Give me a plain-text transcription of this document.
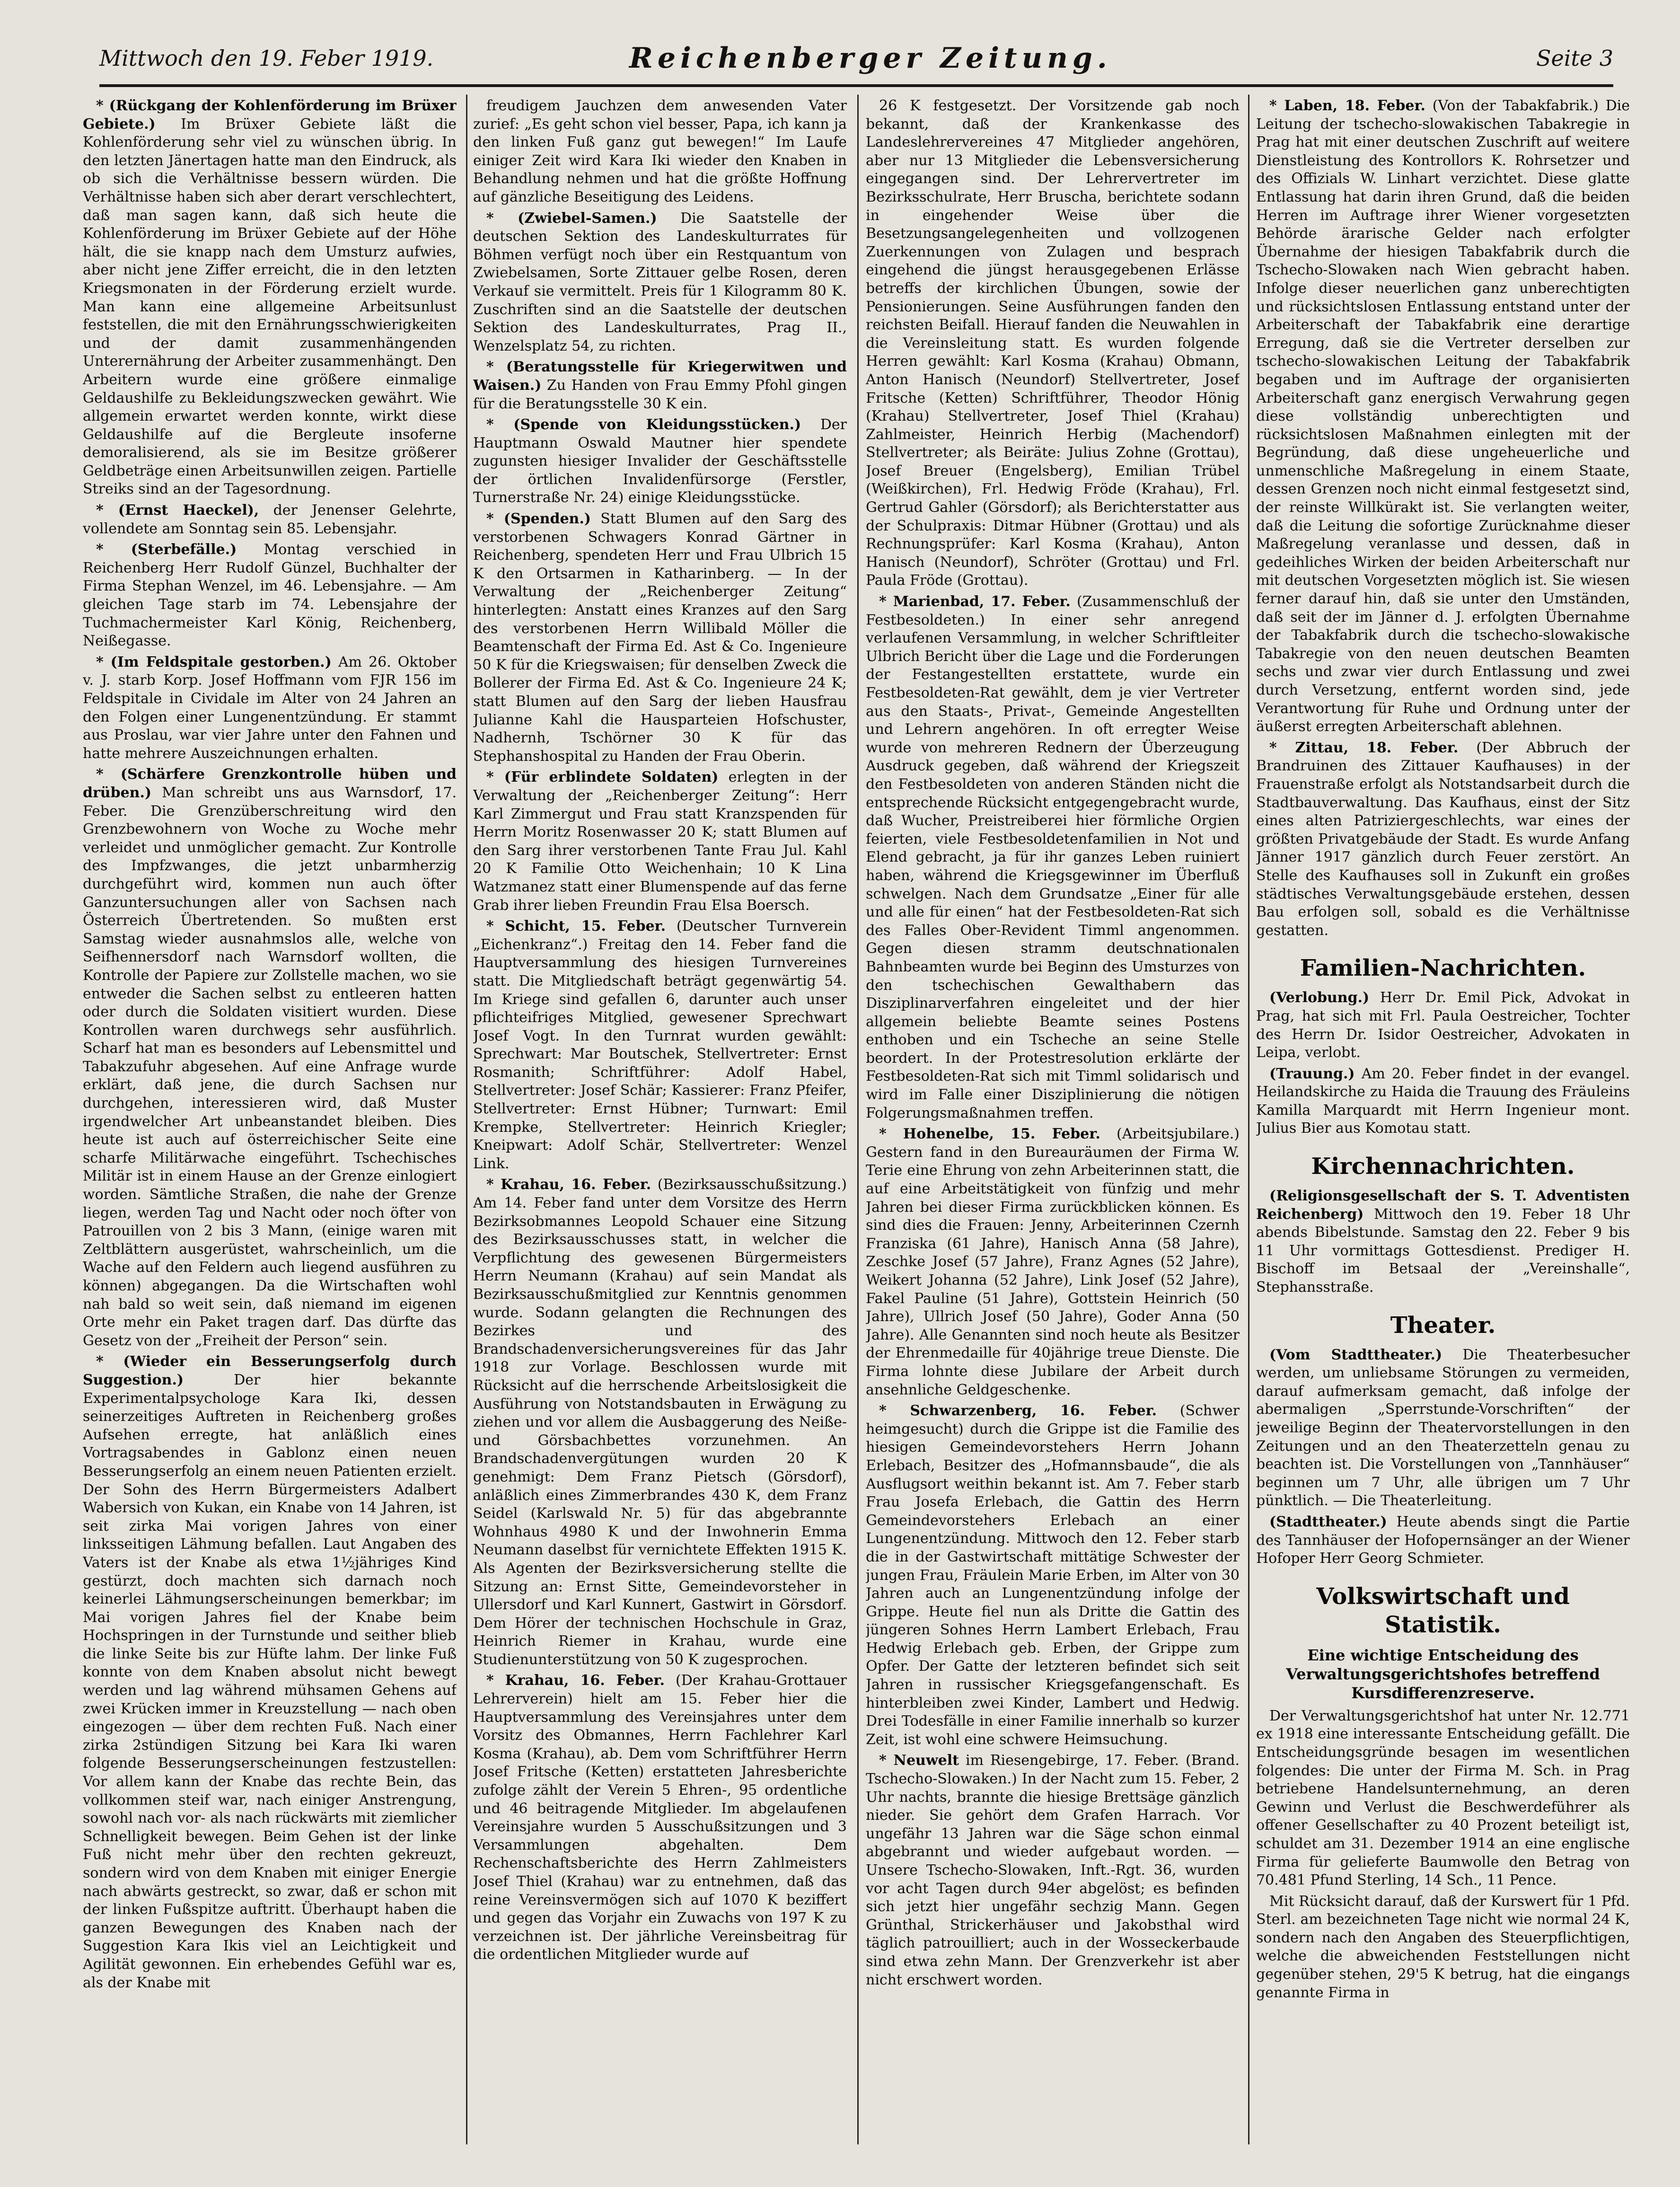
Mittwoch den 19. Feber 1919.	Reichenberger Zeitung.	Seite 3

* (Rückgang der Kohlenförderung im Brüxer Gebiete.) Im Brüxer Gebiete läßt die Kohlenförderung sehr viel zu wünschen übrig. In den letzten Jänertagen hatte man den Eindruck, als ob sich die Verhältnisse bessern würden. Die Verhältnisse haben sich aber derart verschlechtert, daß man sagen kann, daß sich heute die Kohlenförderung im Brüxer Gebiete auf der Höhe hält, die sie knapp nach dem Umsturz aufwies, aber nicht jene Ziffer erreicht, die in den letzten Kriegsmonaten in der Förderung erzielt wurde. Man kann eine allgemeine Arbeitsunlust feststellen, die mit den Ernährungsschwierigkeiten und der damit zusammenhängenden Unterernährung der Arbeiter zusammenhängt. Den Arbeitern wurde eine größere einmalige Geldaushilfe zu Bekleidungszwecken gewährt. Wie allgemein erwartet werden konnte, wirkt diese Geldaushilfe auf die Bergleute insoferne demoralisierend, als sie im Besitze größerer Geldbeträge einen Arbeitsunwillen zeigen. Partielle Streiks sind an der Tagesordnung.

* (Ernst Haeckel), der Jenenser Gelehrte, vollendete am Sonntag sein 85. Lebensjahr.

* (Sterbefälle.) Montag verschied in Reichenberg Herr Rudolf Günzel, Buchhalter der Firma Stephan Wenzel, im 46. Lebensjahre. — Am gleichen Tage starb im 74. Lebensjahre der Tuchmachermeister Karl König, Reichenberg, Neißegasse.

* (Im Feldspitale gestorben.) Am 26. Oktober v. J. starb Korp. Josef Hoffmann vom FJR 156 im Feldspitale in Cividale im Alter von 24 Jahren an den Folgen einer Lungenentzündung. Er stammt aus Proslau, war vier Jahre unter den Fahnen und hatte mehrere Auszeichnungen erhalten.

* (Schärfere Grenzkontrolle hüben und drüben.) Man schreibt uns aus Warnsdorf, 17. Feber. Die Grenzüberschreitung wird den Grenzbewohnern von Woche zu Woche mehr verleidet und unmöglicher gemacht. Zur Kontrolle des Impfzwanges, die jetzt unbarmherzig durchgeführt wird, kommen nun auch öfter Ganzuntersuchungen aller von Sachsen nach Österreich Übertretenden. So mußten erst Samstag wieder ausnahmslos alle, welche von Seifhennersdorf nach Warnsdorf wollten, die Kontrolle der Papiere zur Zollstelle machen, wo sie entweder die Sachen selbst zu entleeren hatten oder durch die Soldaten visitiert wurden. Diese Kontrollen waren durchwegs sehr ausführlich. Scharf hat man es besonders auf Lebensmittel und Tabakzufuhr abgesehen. Auf eine Anfrage wurde erklärt, daß jene, die durch Sachsen nur durchgehen, interessieren wird, daß Muster irgendwelcher Art unbeanstandet bleiben. Dies heute ist auch auf österreichischer Seite eine scharfe Militärwache eingeführt. Tschechisches Militär ist in einem Hause an der Grenze einlogiert worden. Sämtliche Straßen, die nahe der Grenze liegen, werden Tag und Nacht oder noch öfter von Patrouillen von 2 bis 3 Mann, (einige waren mit Zeltblättern ausgerüstet, wahrscheinlich, um die Wache auf den Feldern auch liegend ausführen zu können) abgegangen. Da die Wirtschaften wohl nah bald so weit sein, daß niemand im eigenen Orte mehr ein Paket tragen darf. Das dürfte das Gesetz von der „Freiheit der Person“ sein.

* (Wieder ein Besserungserfolg durch Suggestion.)	Der hier bekannte Experimentalpsychologe Kara Iki, dessen seinerzeitiges Auftreten in Reichenberg großes Aufsehen erregte, hat anläßlich eines Vortragsabendes in Gablonz einen neuen Besserungserfolg an einem neuen Patienten erzielt. Der Sohn des Herrn Bürgermeisters Adalbert Wabersich von Kukan, ein Knabe von 14 Jahren, ist seit zirka Mai vorigen Jahres von einer linksseitigen Lähmung befallen. Laut Angaben des Vaters ist der Knabe als etwa 1½jähriges Kind gestürzt, doch machten sich darnach noch keinerlei Lähmungserscheinungen bemerkbar; im Mai vorigen Jahres fiel der Knabe beim Hochspringen in der Turnstunde und seither blieb die linke Seite bis zur Hüfte lahm. Der linke Fuß konnte von dem Knaben absolut nicht bewegt werden und lag während mühsamen Gehens auf zwei Krücken immer in Kreuzstellung — nach oben eingezogen — über dem rechten Fuß. Nach einer zirka 2stündigen Sitzung bei Kara Iki waren folgende Besserungserscheinungen festzustellen: Vor allem kann der Knabe das rechte Bein, das vollkommen steif war, nach einiger Anstrengung, sowohl nach vor- als nach rückwärts mit ziemlicher Schnelligkeit bewegen. Beim Gehen ist der linke Fuß nicht mehr über den rechten gekreuzt, sondern wird von dem Knaben mit einiger Energie nach abwärts gestreckt, so zwar, daß er schon mit der linken Fußspitze auftritt. Überhaupt haben die ganzen Bewegungen des Knaben nach der Suggestion Kara Ikis viel an Leichtigkeit und Agilität gewonnen. Ein erhebendes Gefühl war es, als der Knabe mit

freudigem Jauchzen dem anwesenden Vater zurief: „Es geht schon viel besser, Papa, ich kann ja den linken Fuß ganz gut bewegen!“ Im Laufe einiger Zeit wird Kara Iki wieder den Knaben in Behandlung nehmen und hat die größte Hoffnung auf gänzliche Beseitigung des Leidens.

* (Zwiebel-Samen.) Die Saatstelle der deutschen Sektion des Landeskulturrates für Böhmen verfügt noch über ein Restquantum von Zwiebelsamen, Sorte Zittauer gelbe Rosen, deren Verkauf sie vermittelt. Preis für 1 Kilogramm 80 K. Zuschriften sind an die Saatstelle der deutschen Sektion des Landeskulturrates, Prag II., Wenzelsplatz 54, zu richten.

* (Beratungsstelle für Kriegerwitwen und Waisen.) Zu Handen von Frau Emmy Pfohl gingen für die Beratungsstelle 30 K ein.

* (Spende von Kleidungsstücken.) Der Hauptmann Oswald Mautner hier spendete zugunsten hiesiger Invalider der Geschäftsstelle der örtlichen Invalidenfürsorge (Ferstler, Turnerstraße Nr. 24) einige Kleidungsstücke.

* (Spenden.) Statt Blumen auf den Sarg des verstorbenen Schwagers Konrad Gärtner in Reichenberg, spendeten Herr und Frau Ulbrich 15 K den Ortsarmen in Katharinberg. — In der Verwaltung der „Reichenberger Zeitung“ hinterlegten: Anstatt eines Kranzes auf den Sarg des verstorbenen Herrn Willibald Möller die Beamtenschaft der Firma Ed. Ast & Co. Ingenieure 50 K für die Kriegswaisen; für denselben Zweck die Bollerer der Firma Ed. Ast & Co. Ingenieure 24 K; statt Blumen auf den Sarg der lieben Hausfrau Julianne Kahl die Hausparteien Hofschuster, Nadhernh, Tschörner 30 K für das Stephanshospital zu Handen der Frau Oberin.

* (Für erblindete Soldaten) erlegten in der Verwaltung der „Reichenberger Zeitung“: Herr Karl Zimmergut und Frau statt Kranzspenden für Herrn Moritz Rosenwasser 20 K; statt Blumen auf den Sarg ihrer verstorbenen Tante Frau Jul. Kahl 20 K Familie Otto Weichenhain; 10 K Lina Watzmanez statt einer Blumenspende auf das ferne Grab ihrer lieben Freundin Frau Elsa Boersch.

* Schicht, 15. Feber. (Deutscher Turnverein „Eichenkranz“.) Freitag den 14. Feber fand die Hauptversammlung des hiesigen Turnvereines statt. Die Mitgliedschaft beträgt gegenwärtig 54. Im Kriege sind gefallen 6, darunter auch unser pflichteifriges Mitglied, gewesener Sprechwart Josef Vogt. In den Turnrat wurden gewählt: Sprechwart: Mar Boutschek, Stellvertreter: Ernst Rosmanith; Schriftführer: Adolf Habel, Stellvertreter: Josef Schär; Kassierer: Franz Pfeifer, Stellvertreter: Ernst Hübner; Turnwart: Emil Krempke, Stellvertreter: Heinrich Kriegler; Kneipwart: Adolf Schär, Stellvertreter: Wenzel Link.

* Krahau, 16. Feber. (Bezirksausschußsitzung.) Am 14. Feber fand unter dem Vorsitze des Herrn Bezirksobmannes Leopold Schauer eine Sitzung des Bezirksausschusses statt, in welcher die Verpflichtung des gewesenen Bürgermeisters Herrn Neumann (Krahau) auf sein Mandat als Bezirksausschußmitglied zur Kenntnis genommen wurde. Sodann gelangten die Rechnungen des Bezirkes und des Brandschadenversicherungsvereines für das Jahr 1918 zur Vorlage. Beschlossen wurde mit Rücksicht auf die herrschende Arbeitslosigkeit die Ausführung von Notstandsbauten in Erwägung zu ziehen und vor allem die Ausbaggerung des Neiße- und Görsbachbettes vorzunehmen. An Brandschadenvergütungen wurden 20 K genehmigt: Dem Franz Pietsch (Görsdorf), anläßlich eines Zimmerbrandes 430 K, dem Franz Seidel (Karlswald Nr. 5) für das abgebrannte Wohnhaus 4980 K und der Inwohnerin Emma Neumann daselbst für vernichtete Effekten 1915 K. Als Agenten der Bezirksversicherung stellte die Sitzung an: Ernst Sitte, Gemeindevorsteher in Ullersdorf und Karl Kunnert, Gastwirt in Görsdorf. Dem Hörer der technischen Hochschule in Graz, Heinrich Riemer in Krahau, wurde eine Studienunterstützung von 50 K zugesprochen.

* Krahau, 16. Feber. (Der Krahau-Grottauer Lehrerverein) hielt am 15. Feber hier die Hauptversammlung des Vereinsjahres unter dem Vorsitz des Obmannes, Herrn Fachlehrer Karl Kosma (Krahau), ab. Dem vom Schriftführer Herrn Josef Fritsche (Ketten) erstatteten Jahresberichte zufolge zählt der Verein 5 Ehren-, 95 ordentliche und 46 beitragende Mitglieder. Im abgelaufenen Vereinsjahre wurden 5 Ausschußsitzungen und 3 Versammlungen abgehalten. Dem Rechenschaftsberichte des Herrn Zahlmeisters Josef Thiel (Krahau) war zu entnehmen, daß das reine Vereinsvermögen sich auf 1070 K beziffert und gegen das Vorjahr ein Zuwachs von 197 K zu verzeichnen ist. Der jährliche Vereinsbeitrag für die ordentlichen Mitglieder wurde auf

26 K festgesetzt. Der Vorsitzende gab noch bekannt, daß der Krankenkasse des Landeslehrervereines 47 Mitglieder angehören, aber nur 13 Mitglieder die Lebensversicherung eingegangen sind. Der Lehrervertreter im Bezirksschulrate, Herr Bruscha, berichtete sodann in eingehender Weise über die Besetzungsangelegenheiten und vollzogenen Zuerkennungen von Zulagen und besprach eingehend die jüngst herausgegebenen Erlässe betreffs der kirchlichen Übungen, sowie der Pensionierungen. Seine Ausführungen fanden den reichsten Beifall. Hierauf fanden die Neuwahlen in die Vereinsleitung statt. Es wurden folgende Herren gewählt: Karl Kosma (Krahau) Obmann, Anton Hanisch (Neundorf) Stellvertreter, Josef Fritsche (Ketten) Schriftführer, Theodor Hönig (Krahau) Stellvertreter, Josef Thiel (Krahau) Zahlmeister, Heinrich Herbig (Machendorf) Stellvertreter; als Beiräte: Julius Zohne (Grottau), Josef Breuer (Engelsberg), Emilian Trübel (Weißkirchen), Frl. Hedwig Fröde (Krahau), Frl. Gertrud Gahler (Görsdorf); als Berichterstatter aus der Schulpraxis: Ditmar Hübner (Grottau) und als Rechnungsprüfer: Karl Kosma (Krahau), Anton Hanisch (Neundorf), Schröter (Grottau) und Frl. Paula Fröde (Grottau).

* Marienbad, 17. Feber. (Zusammenschluß der Festbesoldeten.) In einer sehr anregend verlaufenen Versammlung, in welcher Schriftleiter Ulbrich Bericht über die Lage und die Forderungen der Festangestellten erstattete, wurde ein Festbesoldeten-Rat gewählt, dem je vier Vertreter aus den Staats-, Privat-, Gemeinde Angestellten und Lehrern angehören. In oft erregter Weise wurde von mehreren Rednern der Überzeugung Ausdruck gegeben, daß während der Kriegszeit den Festbesoldeten von anderen Ständen nicht die entsprechende Rücksicht entgegengebracht wurde, daß Wucher, Preistreiberei hier förmliche Orgien feierten, viele Festbesoldetenfamilien in Not und Elend gebracht, ja für ihr ganzes Leben ruiniert haben, während die Kriegsgewinner im Überfluß schwelgen. Nach dem Grundsatze „Einer für alle und alle für einen“ hat der Festbesoldeten-Rat sich des Falles Ober-Revident Timml angenommen. Gegen diesen stramm deutschnationalen Bahnbeamten wurde bei Beginn des Umsturzes von den tschechischen Gewalthabern das Disziplinarverfahren eingeleitet und der hier allgemein beliebte Beamte seines Postens enthoben und ein Tscheche an seine Stelle beordert. In der Protestresolution erklärte der Festbesoldeten-Rat sich mit Timml solidarisch und wird im Falle einer Disziplinierung die nötigen Folgerungsmaßnahmen treffen.

* Hohenelbe, 15. Feber. (Arbeitsjubilare.) Gestern fand in den Bureauräumen der Firma W. Terie eine Ehrung von zehn Arbeiterinnen statt, die auf eine Arbeitstätigkeit von fünfzig und mehr Jahren bei dieser Firma zurückblicken können. Es sind dies die Frauen: Jenny, Arbeiterinnen Czernh Franziska (61 Jahre), Hanisch Anna (58 Jahre), Zeschke Josef (57 Jahre), Franz Agnes (52 Jahre), Weikert Johanna (52 Jahre), Link Josef (52 Jahre), Fakel Pauline (51 Jahre), Gottstein Heinrich (50 Jahre), Ullrich Josef (50 Jahre), Goder Anna (50 Jahre). Alle Genannten sind noch heute als Besitzer der Ehrenmedaille für 40jährige treue Dienste. Die Firma lohnte diese Jubilare der Arbeit durch ansehnliche Geldgeschenke.

* Schwarzenberg, 16. Feber. (Schwer heimgesucht) durch die Grippe ist die Familie des hiesigen Gemeindevorstehers Herrn Johann Erlebach, Besitzer des „Hofmannsbaude“, die als Ausflugsort weithin bekannt ist. Am 7. Feber starb Frau Josefa Erlebach, die Gattin des Herrn Gemeindevorstehers Erlebach an einer Lungenentzündung. Mittwoch den 12. Feber starb die in der Gastwirtschaft mittätige Schwester der jungen Frau, Fräulein Marie Erben, im Alter von 30 Jahren auch an Lungenentzündung infolge der Grippe. Heute fiel nun als Dritte die Gattin des jüngeren Sohnes Herrn Lambert Erlebach, Frau Hedwig Erlebach geb. Erben, der Grippe zum Opfer. Der Gatte der letzteren befindet sich seit Jahren in russischer Kriegsgefangenschaft. Es hinterbleiben zwei Kinder, Lambert und Hedwig. Drei Todesfälle in einer Familie innerhalb so kurzer Zeit, ist wohl eine schwere Heimsuchung.

* Neuwelt im Riesengebirge, 17. Feber. (Brand. Tschecho-Slowaken.) In der Nacht zum 15. Feber, 2 Uhr nachts, brannte die hiesige Brettsäge gänzlich nieder. Sie gehört dem Grafen Harrach. Vor ungefähr 13 Jahren war die Säge schon einmal abgebrannt und wieder aufgebaut worden. — Unsere Tschecho-Slowaken, Inft.-Rgt. 36, wurden vor acht Tagen durch 94er abgelöst; es befinden sich jetzt hier ungefähr sechzig Mann. Gegen Grünthal, Strickerhäuser und Jakobsthal wird täglich patrouilliert; auch in der Wosseckerbaude sind etwa zehn Mann. Der Grenzverkehr ist aber nicht erschwert worden.

* Laben, 18. Feber. (Von der Tabakfabrik.) Die Leitung der tschecho-slowakischen Tabakregie in Prag hat mit einer deutschen Zuschrift auf weitere Dienstleistung des Kontrollors K. Rohrsetzer und des Offizials W. Linhart verzichtet. Diese glatte Entlassung hat darin ihren Grund, daß die beiden Herren im Auftrage ihrer Wiener vorgesetzten Behörde ärarische Gelder nach erfolgter Übernahme der hiesigen Tabakfabrik durch die Tschecho-Slowaken nach Wien gebracht haben. Infolge dieser neuerlichen ganz unberechtigten und rücksichtslosen Entlassung entstand unter der Arbeiterschaft der Tabakfabrik eine derartige Erregung, daß sie die Vertreter derselben zur tschecho-slowakischen Leitung der Tabakfabrik begaben und im Auftrage der organisierten Arbeiterschaft ganz energisch Verwahrung gegen diese vollständig unberechtigten und rücksichtslosen Maßnahmen einlegten mit der Begründung, daß diese ungeheuerliche und unmenschliche Maßregelung in einem Staate, dessen Grenzen noch nicht einmal festgesetzt sind, der reinste Willkürakt ist. Sie verlangten weiter, daß die Leitung die sofortige Zurücknahme dieser Maßregelung veranlasse und dessen, daß in gedeihliches Wirken der beiden Arbeiterschaft nur mit deutschen Vorgesetzten möglich ist. Sie wiesen ferner darauf hin, daß sie unter den Umständen, daß seit der im Jänner d. J. erfolgten Übernahme der Tabakfabrik durch die tschecho-slowakische Tabakregie von den neuen deutschen Beamten sechs und zwar vier durch Entlassung und zwei durch Versetzung, entfernt worden sind, jede Verantwortung für Ruhe und Ordnung unter der äußerst erregten Arbeiterschaft ablehnen.

* Zittau, 18. Feber. (Der Abbruch der Brandruinen des Zittauer Kaufhauses) in der Frauenstraße erfolgt als Notstandsarbeit durch die Stadtbauverwaltung. Das Kaufhaus, einst der Sitz eines alten Patriziergeschlechts, war eines der größten Privatgebäude der Stadt. Es wurde Anfang Jänner 1917 gänzlich durch Feuer zerstört. An Stelle des Kaufhauses soll in Zukunft ein großes städtisches Verwaltungsgebäude erstehen, dessen Bau erfolgen soll, sobald es die Verhältnisse gestatten.

Familien-Nachrichten.

(Verlobung.) Herr Dr. Emil Pick, Advokat in Prag, hat sich mit Frl. Paula Oestreicher, Tochter des Herrn Dr. Isidor Oestreicher, Advokaten in Leipa, verlobt.

(Trauung.) Am 20. Feber findet in der evangel. Heilandskirche zu Haida die Trauung des Fräuleins Kamilla Marquardt mit Herrn Ingenieur mont. Julius Bier aus Komotau statt.

Kirchennachrichten.

(Religionsgesellschaft der S. T. Adventisten Reichenberg) Mittwoch den 19. Feber 18 Uhr abends Bibelstunde. Samstag den 22. Feber 9 bis 11 Uhr vormittags Gottesdienst. Prediger H. Bischoff im Betsaal der „Vereinshalle“, Stephansstraße.

Theater.

(Vom Stadttheater.) Die Theaterbesucher werden, um unliebsame Störungen zu vermeiden, darauf aufmerksam gemacht, daß infolge der abermaligen „Sperrstunde-Vorschriften“ der jeweilige Beginn der Theatervorstellungen in den Zeitungen und an den Theaterzetteln genau zu beachten ist. Die Vorstellungen von „Tannhäuser“ beginnen um 7 Uhr, alle übrigen um 7 Uhr pünktlich. — Die Theaterleitung.

(Stadttheater.) Heute abends singt die Partie des Tannhäuser der Hofopernsänger an der Wiener Hofoper Herr Georg Schmieter.

Volkswirtschaft und Statistik.
Eine wichtige Entscheidung des Verwaltungsgerichtshofes betreffend Kursdifferenzreserve.

Der Verwaltungsgerichtshof hat unter Nr. 12.771 ex 1918 eine interessante Entscheidung gefällt. Die Entscheidungsgründe besagen im wesentlichen folgendes: Die unter der Firma M. Sch. in Prag betriebene Handelsunternehmung, an deren Gewinn und Verlust die Beschwerdeführer als offener Gesellschafter zu 40 Prozent beteiligt ist, schuldet am 31. Dezember 1914 an eine englische Firma für gelieferte Baumwolle den Betrag von 70.481 Pfund Sterling, 14 Sch., 11 Pence.

Mit Rücksicht darauf, daß der Kurswert für 1 Pfd. Sterl. am bezeichneten Tage nicht wie normal 24 K, sondern nach den Angaben des Steuerpflichtigen, welche die abweichenden Feststellungen nicht gegenüber stehen, 29'5 K betrug, hat die eingangs genannte Firma in
